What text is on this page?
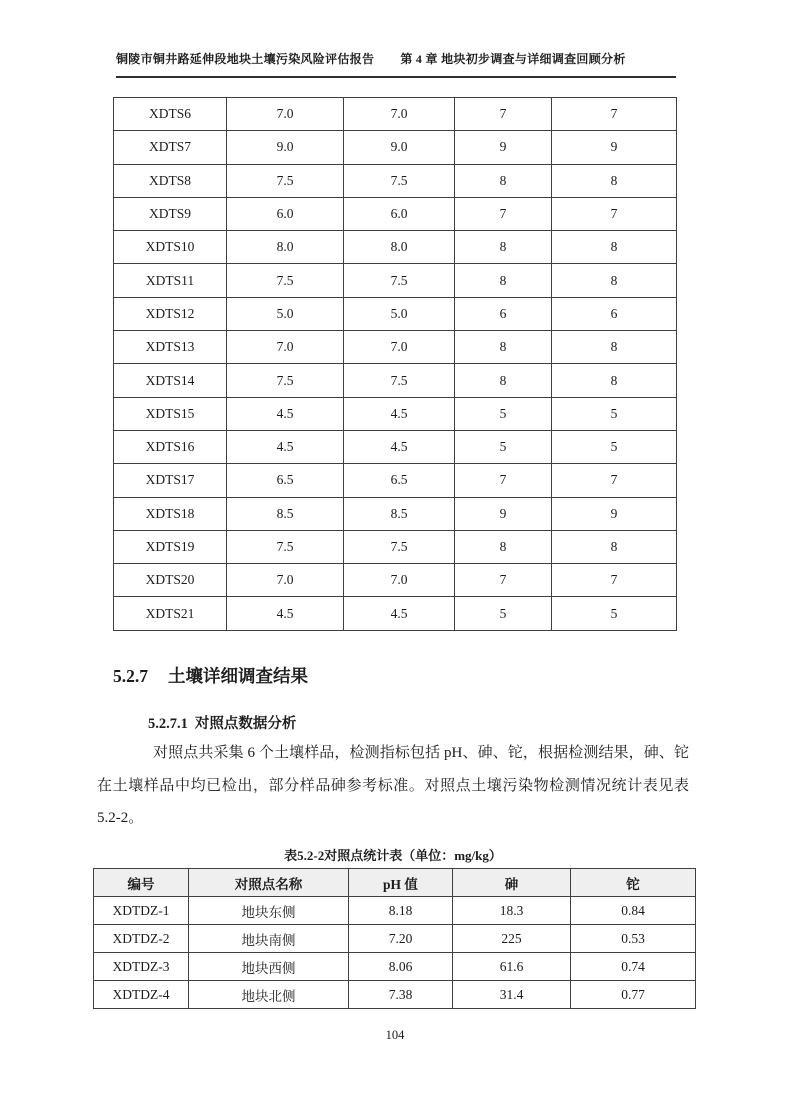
铜陵市铜井路延伸段地块土壤污染风险评估报告 第 4 章 地块初步调查与详细调查回顾分析
XDTS6	7.0	7.0	7	7
XDTS7	9.0	9.0	9	9
XDTS8	7.5	7.5	8	8
XDTS9	6.0	6.0	7	7
XDTS10	8.0	8.0	8	8
XDTS11	7.5	7.5	8	8
XDTS12	5.0	5.0	6	6
XDTS13	7.0	7.0	8	8
XDTS14	7.5	7.5	8	8
XDTS15	4.5	4.5	5	5
XDTS16	4.5	4.5	5	5
XDTS17	6.5	6.5	7	7
XDTS18	8.5	8.5	9	9
XDTS19	7.5	7.5	8	8
XDTS20	7.0	7.0	7	7
XDTS21	4.5	4.5	5	5
5.2.7 土壤详细调查结果
5.2.7.1 对照点数据分析
对照点共采集 6 个土壤样品，检测指标包括 pH、砷、铊，根据检测结果，砷、铊在土壤样品中均已检出，部分样品砷参考标准。对照点土壤污染物检测情况统计表见表 5.2-2。
表5.2-2对照点统计表（单位：mg/kg）
编号	对照点名称	pH 值	砷	铊
XDTDZ-1	地块东侧	8.18	18.3	0.84
XDTDZ-2	地块南侧	7.20	225	0.53
XDTDZ-3	地块西侧	8.06	61.6	0.74
XDTDZ-4	地块北侧	7.38	31.4	0.77
104
